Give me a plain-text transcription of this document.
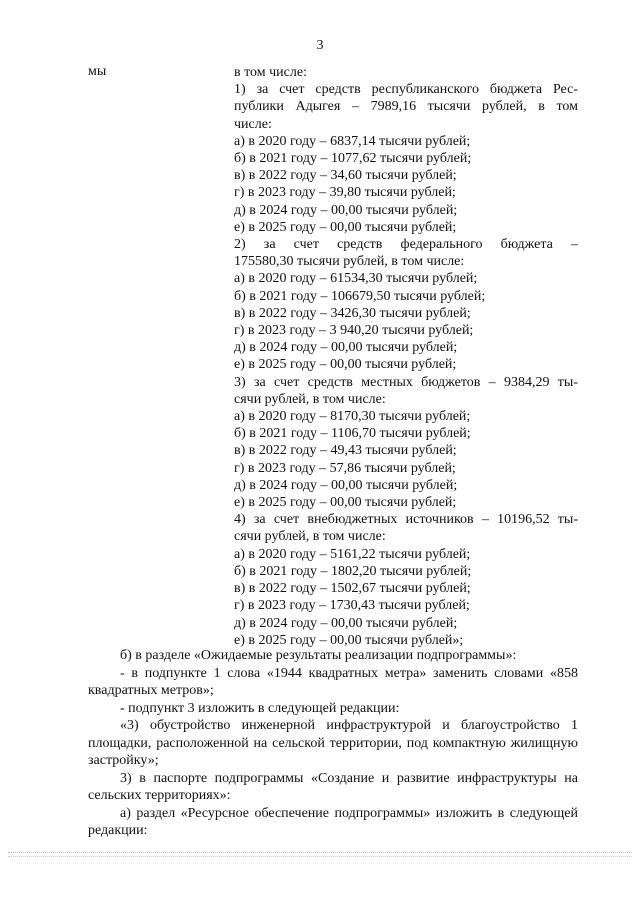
3
мы	в том числе:
1) за счет средств республиканского бюджета Рес-
публики Адыгея – 7989,16 тысячи рублей, в том
числе:
а) в 2020 году – 6837,14 тысячи рублей;
б) в 2021 году – 1077,62 тысячи рублей;
в) в 2022 году – 34,60 тысячи рублей;
г) в 2023 году – 39,80 тысячи рублей;
д) в 2024 году – 00,00 тысячи рублей;
е) в 2025 году – 00,00 тысячи рублей;
2) за счет средств федерального бюджета –
175580,30 тысячи рублей, в том числе:
а) в 2020 году – 61534,30 тысячи рублей;
б) в 2021 году – 106679,50 тысячи рублей;
в) в 2022 году – 3426,30 тысячи рублей;
г) в 2023 году – 3 940,20 тысячи рублей;
д) в 2024 году – 00,00 тысячи рублей;
е) в 2025 году – 00,00 тысячи рублей;
3) за счет средств местных бюджетов – 9384,29 ты-
сячи рублей, в том числе:
а) в 2020 году – 8170,30 тысячи рублей;
б) в 2021 году – 1106,70 тысячи рублей;
в) в 2022 году – 49,43 тысячи рублей;
г) в 2023 году – 57,86 тысячи рублей;
д) в 2024 году – 00,00 тысячи рублей;
е) в 2025 году – 00,00 тысячи рублей;
4) за счет внебюджетных источников – 10196,52 ты-
сячи рублей, в том числе:
а) в 2020 году – 5161,22 тысячи рублей;
б) в 2021 году – 1802,20 тысячи рублей;
в) в 2022 году – 1502,67 тысячи рублей;
г) в 2023 году – 1730,43 тысячи рублей;
д) в 2024 году – 00,00 тысячи рублей;
е) в 2025 году – 00,00 тысячи рублей»;
б) в разделе «Ожидаемые результаты реализации подпрограммы»:
- в подпункте 1 слова «1944 квадратных метра» заменить словами «858 квадратных метров»;
- подпункт 3 изложить в следующей редакции:
«3) обустройство инженерной инфраструктурой и благоустройство 1 площадки, расположенной на сельской территории, под компактную жилищную застройку»;
3) в паспорте подпрограммы «Создание и развитие инфраструктуры на сельских территориях»:
а) раздел «Ресурсное обеспечение подпрограммы» изложить в следующей редакции:
